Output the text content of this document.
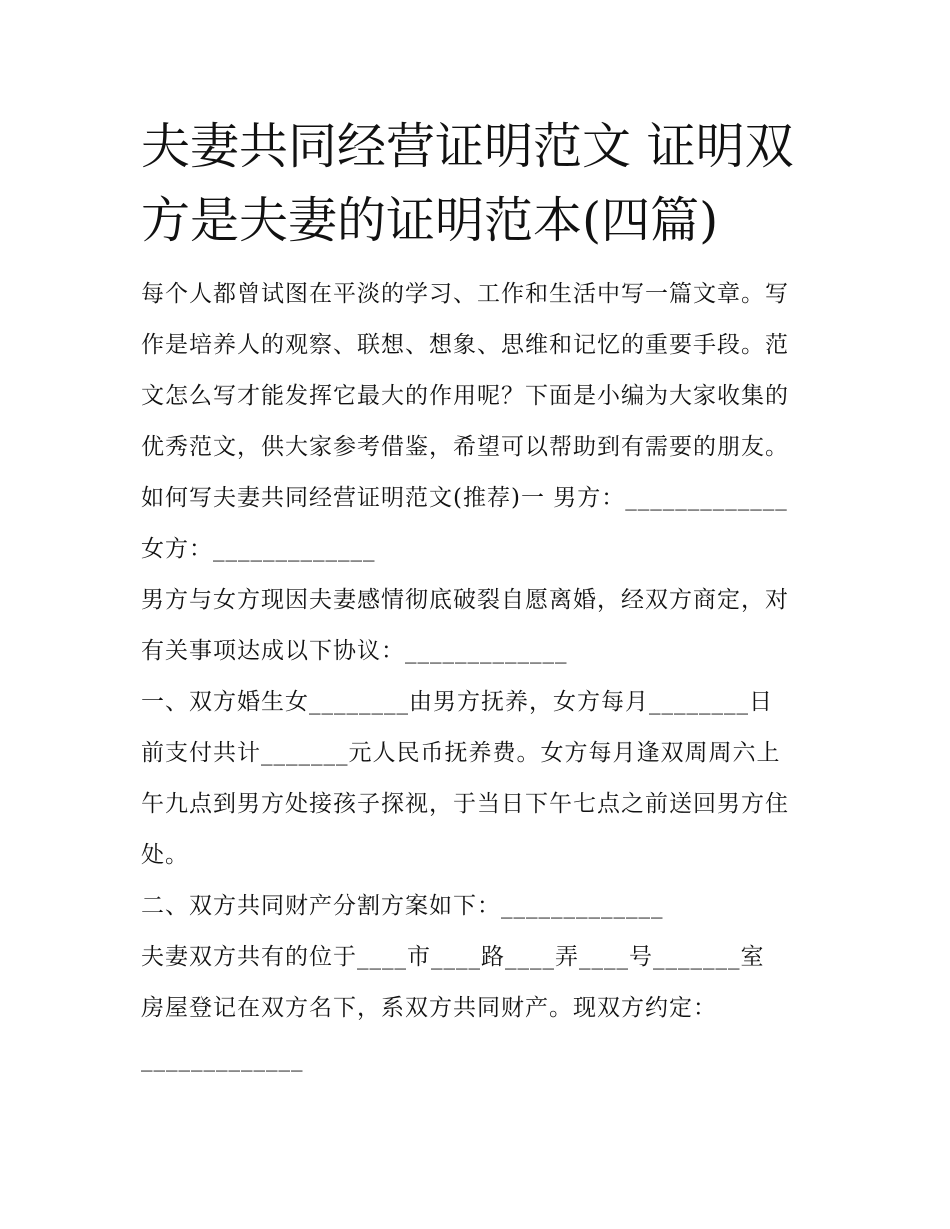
夫妻共同经营证明范文 证明双
方是夫妻的证明范本(四篇)
每个人都曾试图在平淡的学习、工作和生活中写一篇文章。写
作是培养人的观察、联想、想象、思维和记忆的重要手段。范
文怎么写才能发挥它最大的作用呢？下面是小编为大家收集的
优秀范文，供大家参考借鉴，希望可以帮助到有需要的朋友。
如何写夫妻共同经营证明范文(推荐)一 男方：_____________
女方：_____________
男方与女方现因夫妻感情彻底破裂自愿离婚，经双方商定，对
有关事项达成以下协议：_____________
一、双方婚生女________由男方抚养，女方每月________日
前支付共计_______元人民币抚养费。女方每月逢双周周六上
午九点到男方处接孩子探视，于当日下午七点之前送回男方住
处。
二、双方共同财产分割方案如下：_____________
夫妻双方共有的位于____市____路____弄____号_______室
房屋登记在双方名下，系双方共同财产。现双方约定：
_____________
